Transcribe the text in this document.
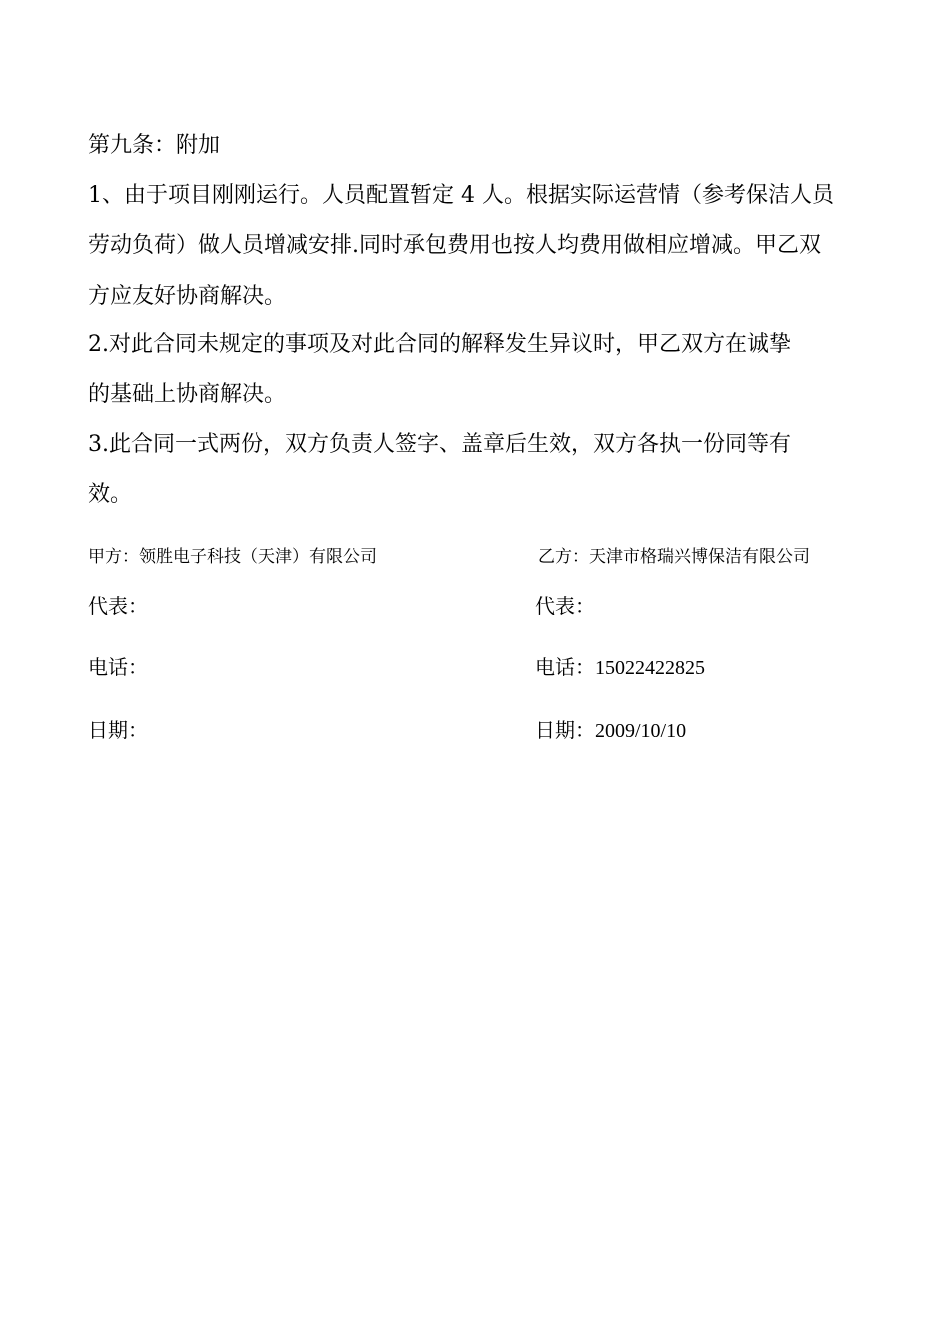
第九条：附加
1、由于项目刚刚运行。人员配置暂定 4 人。根据实际运营情（参考保洁人员
劳动负荷）做人员增减安排.同时承包费用也按人均费用做相应增减。甲乙双
方应友好协商解决。
2.对此合同未规定的事项及对此合同的解释发生异议时，甲乙双方在诚挚
的基础上协商解决。
3.此合同一式两份，双方负责人签字、盖章后生效，双方各执一份同等有
效。
甲方：领胜电子科技（天津）有限公司
代表：
电话：
日期：
乙方：天津市格瑞兴博保洁有限公司
代表：
电话：15022422825
日期：2009/10/10
